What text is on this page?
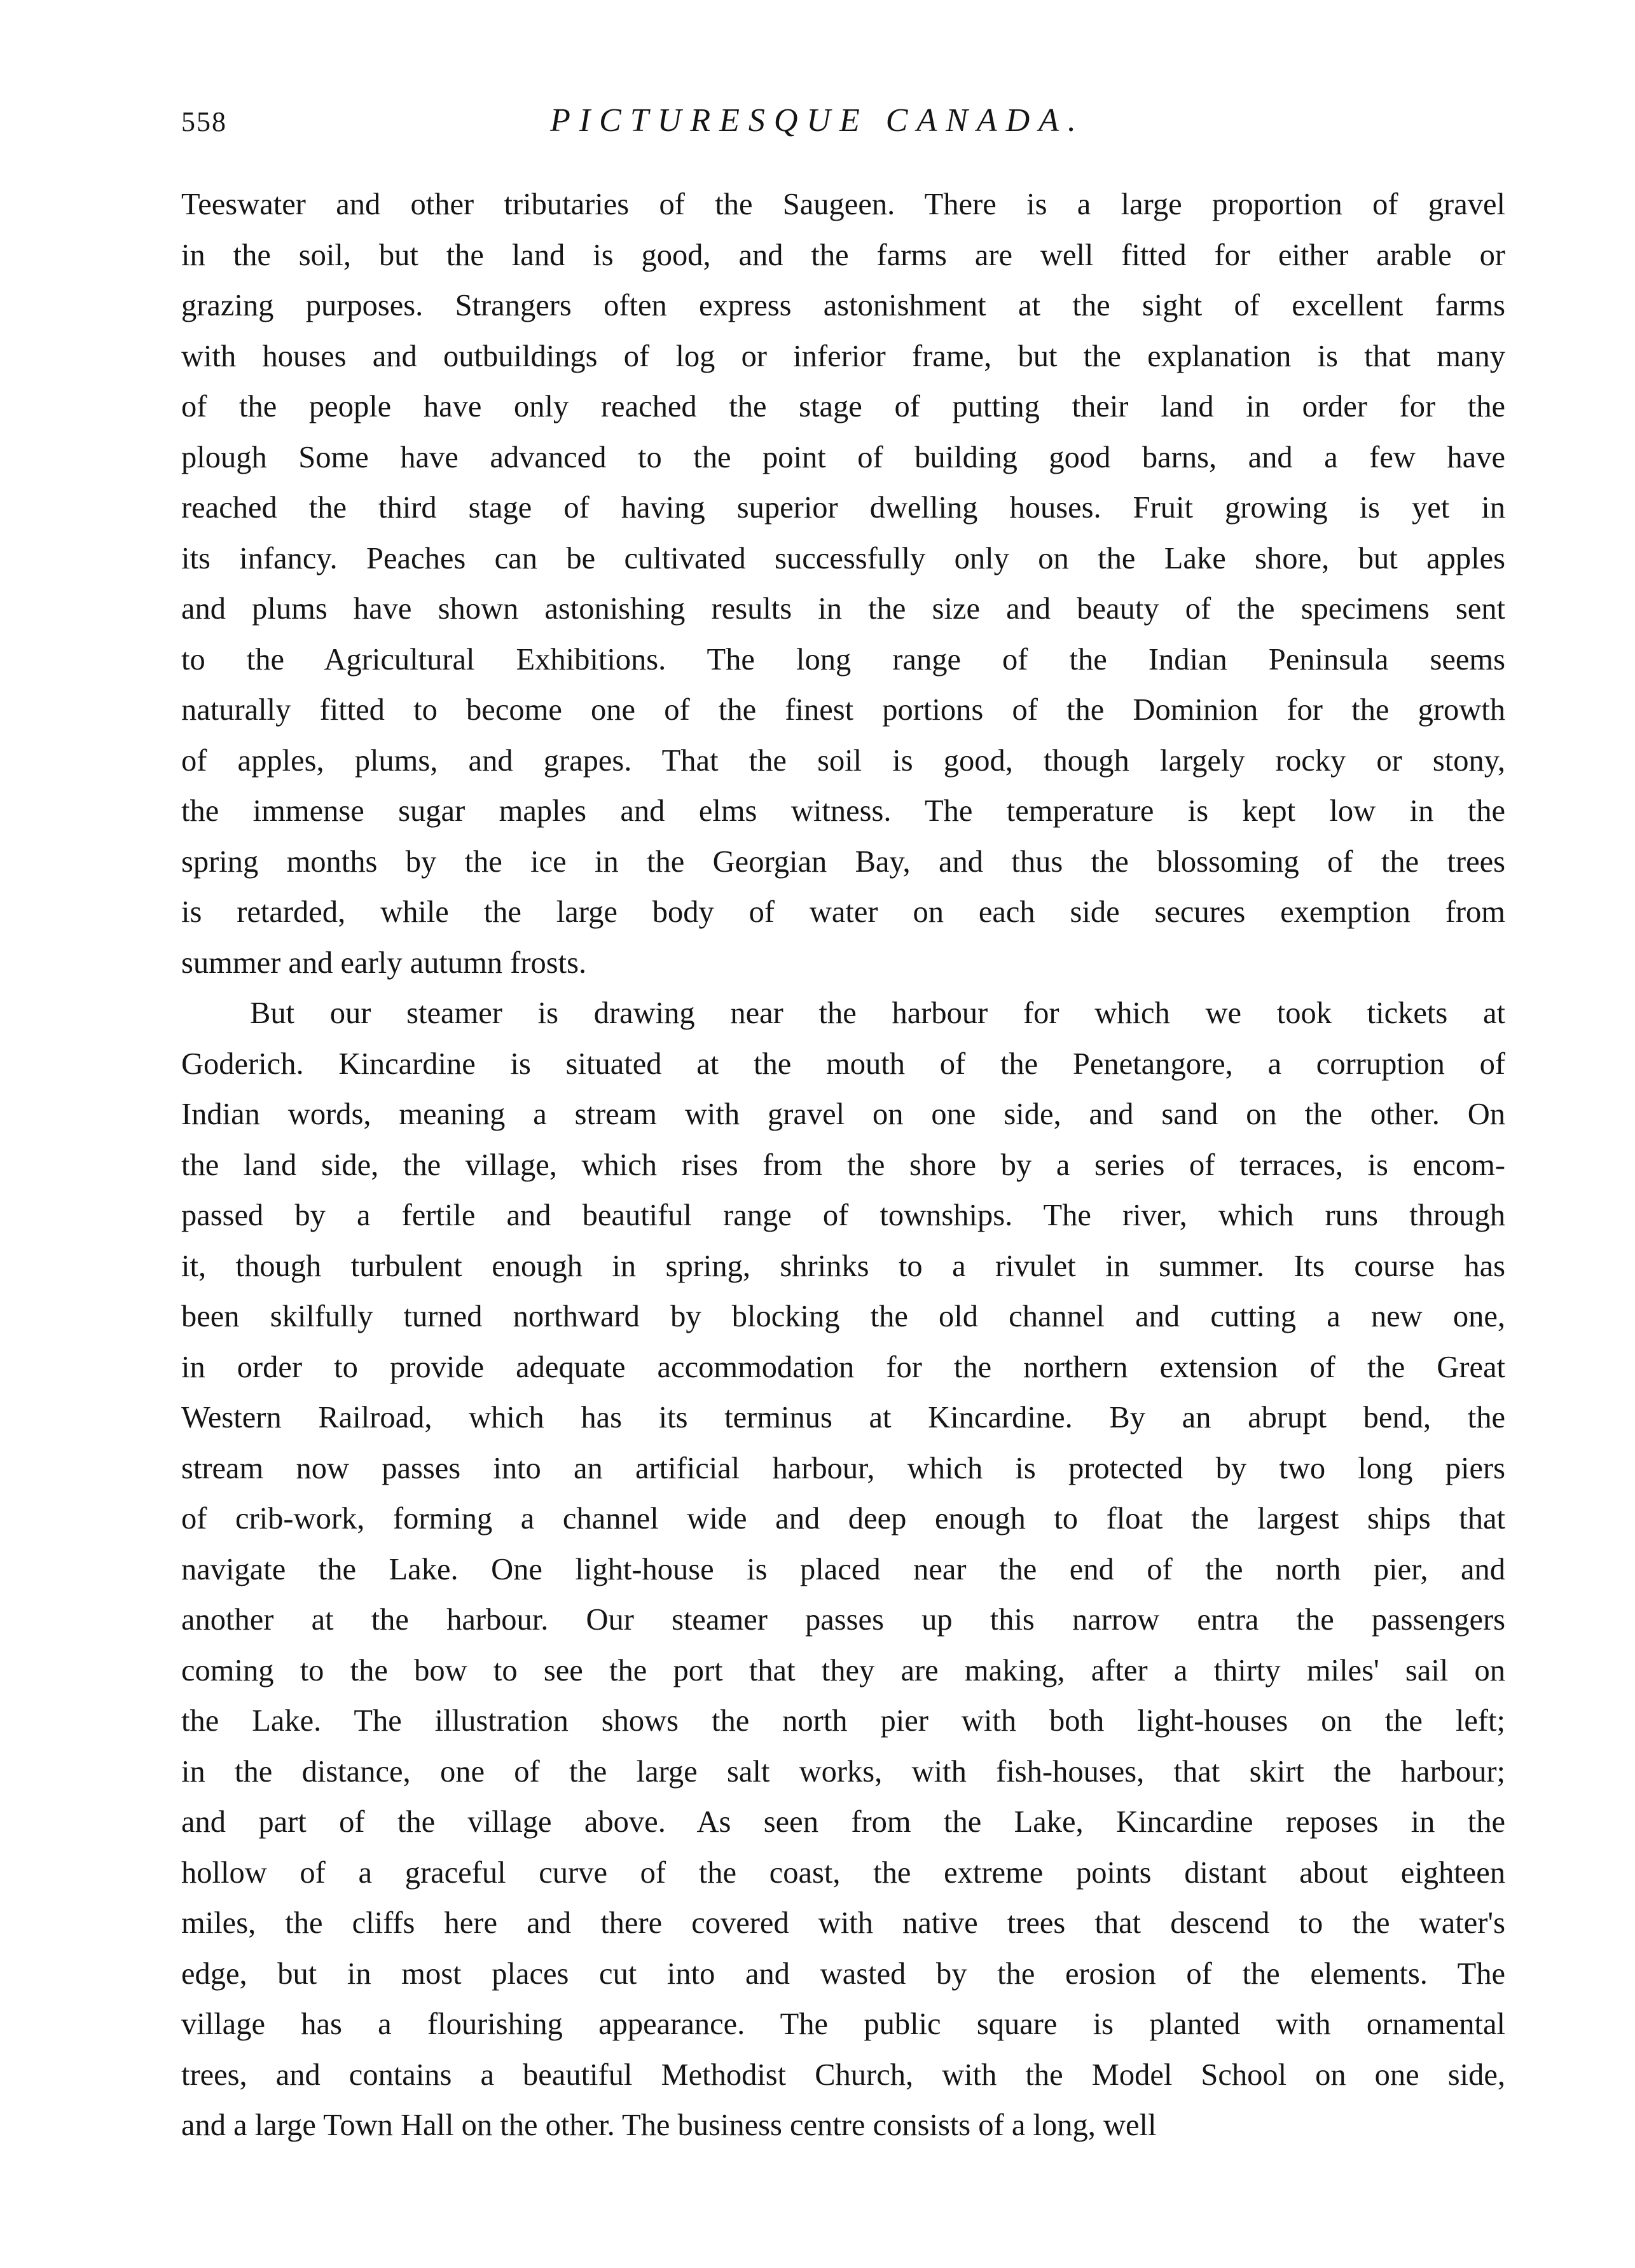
558	PICTURESQUE CANADA.
Teeswater and other tributaries of the Saugeen. There is a large proportion of gravel
in the soil, but the land is good, and the farms are well fitted for either arable or
grazing purposes. Strangers often express astonishment at the sight of excellent farms
with houses and outbuildings of log or inferior frame, but the explanation is that many
of the people have only reached the stage of putting their land in order for the
plough Some have advanced to the point of building good barns, and a few have
reached the third stage of having superior dwelling houses. Fruit growing is yet in
its infancy. Peaches can be cultivated successfully only on the Lake shore, but apples
and plums have shown astonishing results in the size and beauty of the specimens sent
to the Agricultural Exhibitions. The long range of the Indian Peninsula seems
naturally fitted to become one of the finest portions of the Dominion for the growth
of apples, plums, and grapes. That the soil is good, though largely rocky or stony,
the immense sugar maples and elms witness. The temperature is kept low in the
spring months by the ice in the Georgian Bay, and thus the blossoming of the trees
is retarded, while the large body of water on each side secures exemption from
summer and early autumn frosts.
But our steamer is drawing near the harbour for which we took tickets at
Goderich. Kincardine is situated at the mouth of the Penetangore, a corruption of
Indian words, meaning a stream with gravel on one side, and sand on the other. On
the land side, the village, which rises from the shore by a series of terraces, is encom-
passed by a fertile and beautiful range of townships. The river, which runs through
it, though turbulent enough in spring, shrinks to a rivulet in summer. Its course has
been skilfully turned northward by blocking the old channel and cutting a new one,
in order to provide adequate accommodation for the northern extension of the Great
Western Railroad, which has its terminus at Kincardine. By an abrupt bend, the
stream now passes into an artificial harbour, which is protected by two long piers
of crib-work, forming a channel wide and deep enough to float the largest ships that
navigate the Lake. One light-house is placed near the end of the north pier, and
another at the harbour. Our steamer passes up this narrow entra the passengers
coming to the bow to see the port that they are making, after a thirty miles' sail on
the Lake. The illustration shows the north pier with both light-houses on the left;
in the distance, one of the large salt works, with fish-houses, that skirt the harbour;
and part of the village above. As seen from the Lake, Kincardine reposes in the
hollow of a graceful curve of the coast, the extreme points distant about eighteen
miles, the cliffs here and there covered with native trees that descend to the water's
edge, but in most places cut into and wasted by the erosion of the elements. The
village has a flourishing appearance. The public square is planted with ornamental
trees, and contains a beautiful Methodist Church, with the Model School on one side,
and a large Town Hall on the other. The business centre consists of a long, well
